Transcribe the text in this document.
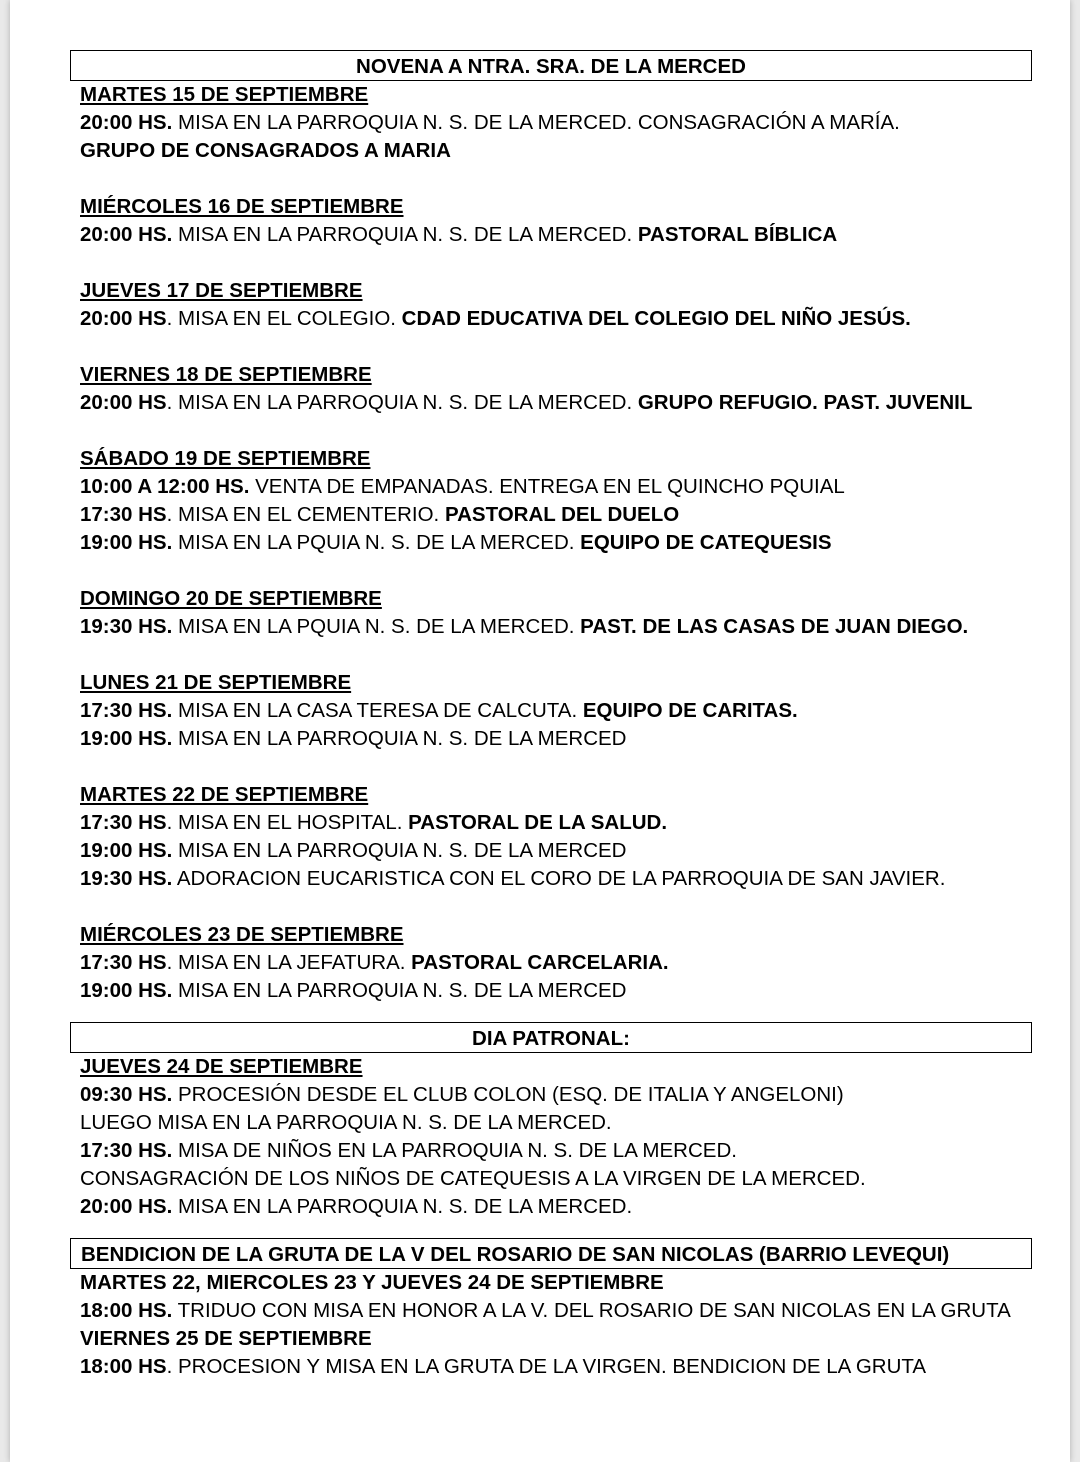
NOVENA A NTRA. SRA. DE LA MERCED
MARTES 15 DE SEPTIEMBRE
20:00 HS. MISA EN LA PARROQUIA N. S. DE LA MERCED. CONSAGRACIÓN A MARÍA.
GRUPO DE CONSAGRADOS A MARIA
MIÉRCOLES 16 DE SEPTIEMBRE
20:00 HS. MISA EN LA PARROQUIA N. S. DE LA MERCED. PASTORAL BÍBLICA
JUEVES 17 DE SEPTIEMBRE
20:00 HS. MISA EN EL COLEGIO. CDAD EDUCATIVA DEL COLEGIO DEL NIÑO JESÚS.
VIERNES 18 DE SEPTIEMBRE
20:00 HS. MISA EN LA PARROQUIA N. S. DE LA MERCED. GRUPO REFUGIO. PAST. JUVENIL
SÁBADO 19 DE SEPTIEMBRE
10:00 A 12:00 HS. VENTA DE EMPANADAS. ENTREGA EN EL QUINCHO PQUIAL
17:30 HS. MISA EN EL CEMENTERIO. PASTORAL DEL DUELO
19:00 HS. MISA EN LA PQUIA N. S. DE LA MERCED. EQUIPO DE CATEQUESIS
DOMINGO 20 DE SEPTIEMBRE
19:30 HS. MISA EN LA PQUIA N. S. DE LA MERCED. PAST. DE LAS CASAS DE JUAN DIEGO.
LUNES 21 DE SEPTIEMBRE
17:30 HS. MISA EN LA CASA TERESA DE CALCUTA. EQUIPO DE CARITAS.
19:00 HS. MISA EN LA PARROQUIA N. S. DE LA MERCED
MARTES 22 DE SEPTIEMBRE
17:30 HS. MISA EN EL HOSPITAL. PASTORAL DE LA SALUD.
19:00 HS. MISA EN LA PARROQUIA N. S. DE LA MERCED
19:30 HS. ADORACION EUCARISTICA CON EL CORO DE LA PARROQUIA DE SAN JAVIER.
MIÉRCOLES 23 DE SEPTIEMBRE
17:30 HS. MISA EN LA JEFATURA. PASTORAL CARCELARIA.
19:00 HS. MISA EN LA PARROQUIA N. S. DE LA MERCED
DIA PATRONAL:
JUEVES 24 DE SEPTIEMBRE
09:30 HS. PROCESIÓN DESDE EL CLUB COLON (ESQ. DE ITALIA Y ANGELONI)
LUEGO MISA EN LA PARROQUIA N. S. DE LA MERCED.
17:30 HS. MISA DE NIÑOS EN LA PARROQUIA N. S. DE LA MERCED.
CONSAGRACIÓN DE LOS NIÑOS DE CATEQUESIS A LA VIRGEN DE LA MERCED.
20:00 HS. MISA EN LA PARROQUIA N. S. DE LA MERCED.
BENDICION DE LA GRUTA DE LA V DEL ROSARIO DE SAN NICOLAS (BARRIO LEVEQUI)
MARTES 22, MIERCOLES 23 Y JUEVES 24 DE SEPTIEMBRE
18:00 HS. TRIDUO CON MISA EN HONOR A LA V. DEL ROSARIO DE SAN NICOLAS EN LA GRUTA
VIERNES 25 DE SEPTIEMBRE
18:00 HS. PROCESION Y MISA EN LA GRUTA DE LA VIRGEN. BENDICION DE LA GRUTA
